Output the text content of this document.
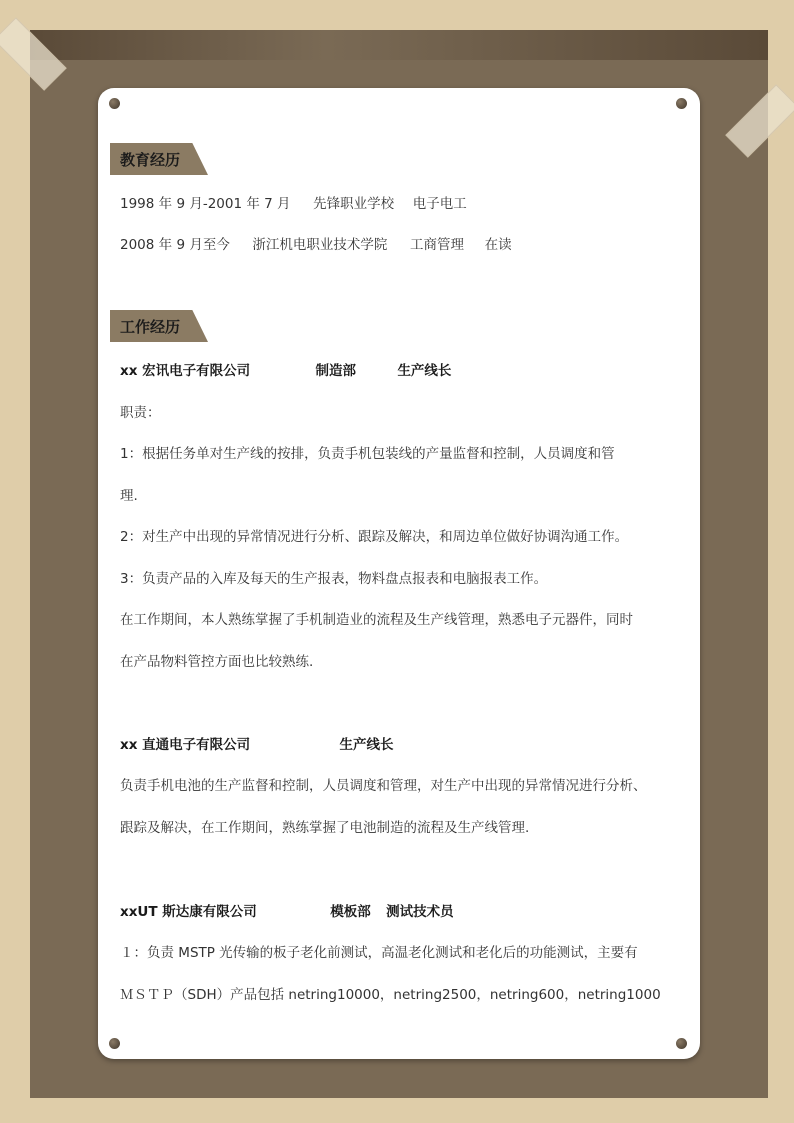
教育经历
1998 年 9 月-2001 年 7 月 先锋职业学校 电子电工
2008 年 9 月至今 浙江机电职业技术学院 工商管理 在读
工作经历
xx 宏讯电子有限公司	制造部	生产线长
职责：
1：根据任务单对生产线的按排，负责手机包装线的产量监督和控制，人员调度和管
理.
2：对生产中出现的异常情况进行分析、跟踪及解决，和周边单位做好协调沟通工作。
3：负责产品的入库及每天的生产报表，物料盘点报表和电脑报表工作。
在工作期间，本人熟练掌握了手机制造业的流程及生产线管理，熟悉电子元器件，同时
在产品物料管控方面也比较熟练.
xx 直通电子有限公司	生产线长
负责手机电池的生产监督和控制，人员调度和管理，对生产中出现的异常情况进行分析、
跟踪及解决，在工作期间，熟练掌握了电池制造的流程及生产线管理.
xxUT 斯达康有限公司	模板部 测试技术员
１：负责 MSTP 光传输的板子老化前测试，高温老化测试和老化后的功能测试，主要有
ＭＳＴＰ（SDH）产品包括 netring10000，netring2500，netring600，netring1000
